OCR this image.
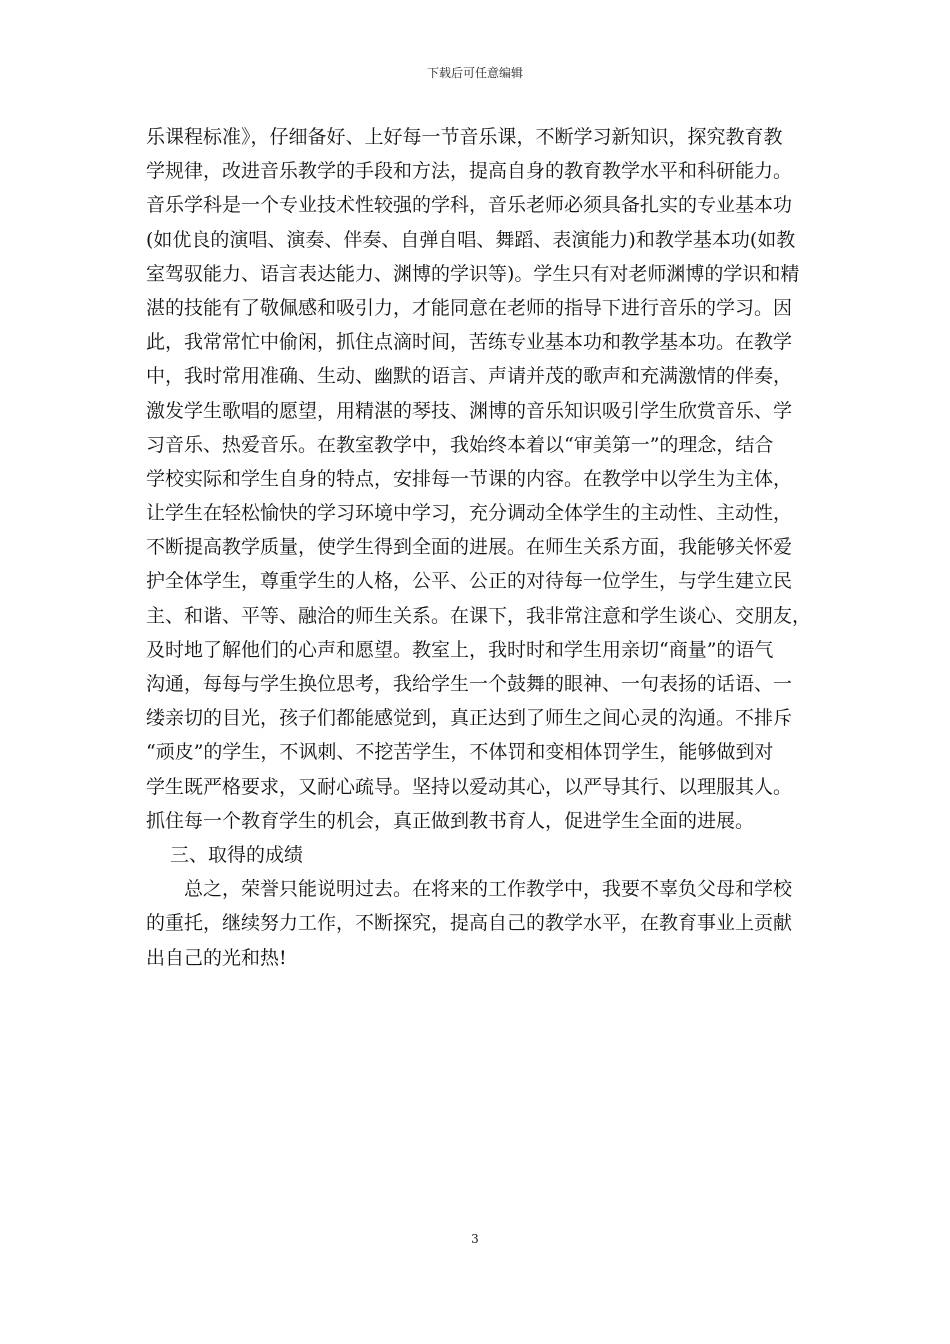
下载后可任意编辑
乐课程标准》，仔细备好、上好每一节音乐课，不断学习新知识，探究教育教
学规律，改进音乐教学的手段和方法，提高自身的教育教学水平和科研能力。
音乐学科是一个专业技术性较强的学科，音乐老师必须具备扎实的专业基本功
(如优良的演唱、演奏、伴奏、自弹自唱、舞蹈、表演能力)和教学基本功(如教
室驾驭能力、语言表达能力、渊博的学识等)。学生只有对老师渊博的学识和精
湛的技能有了敬佩感和吸引力，才能同意在老师的指导下进行音乐的学习。因
此，我常常忙中偷闲，抓住点滴时间，苦练专业基本功和教学基本功。在教学
中，我时常用准确、生动、幽默的语言、声请并茂的歌声和充满激情的伴奏，
激发学生歌唱的愿望，用精湛的琴技、渊博的音乐知识吸引学生欣赏音乐、学
习音乐、热爱音乐。在教室教学中，我始终本着以“审美第一”的理念，结合
学校实际和学生自身的特点，安排每一节课的内容。在教学中以学生为主体，
让学生在轻松愉快的学习环境中学习，充分调动全体学生的主动性、主动性，
不断提高教学质量，使学生得到全面的进展。在师生关系方面，我能够关怀爱
护全体学生，尊重学生的人格，公平、公正的对待每一位学生，与学生建立民
主、和谐、平等、融洽的师生关系。在课下，我非常注意和学生谈心、交朋友，
及时地了解他们的心声和愿望。教室上，我时时和学生用亲切“商量”的语气
沟通，每每与学生换位思考，我给学生一个鼓舞的眼神、一句表扬的话语、一
缕亲切的目光，孩子们都能感觉到，真正达到了师生之间心灵的沟通。不排斥
“顽皮”的学生，不讽刺、不挖苦学生，不体罚和变相体罚学生，能够做到对
学生既严格要求，又耐心疏导。坚持以爱动其心，以严导其行、以理服其人。
抓住每一个教育学生的机会，真正做到教书育人，促进学生全面的进展。
三、取得的成绩
总之，荣誉只能说明过去。在将来的工作教学中，我要不辜负父母和学校
的重托，继续努力工作，不断探究，提高自己的教学水平，在教育事业上贡献
出自己的光和热!
3
